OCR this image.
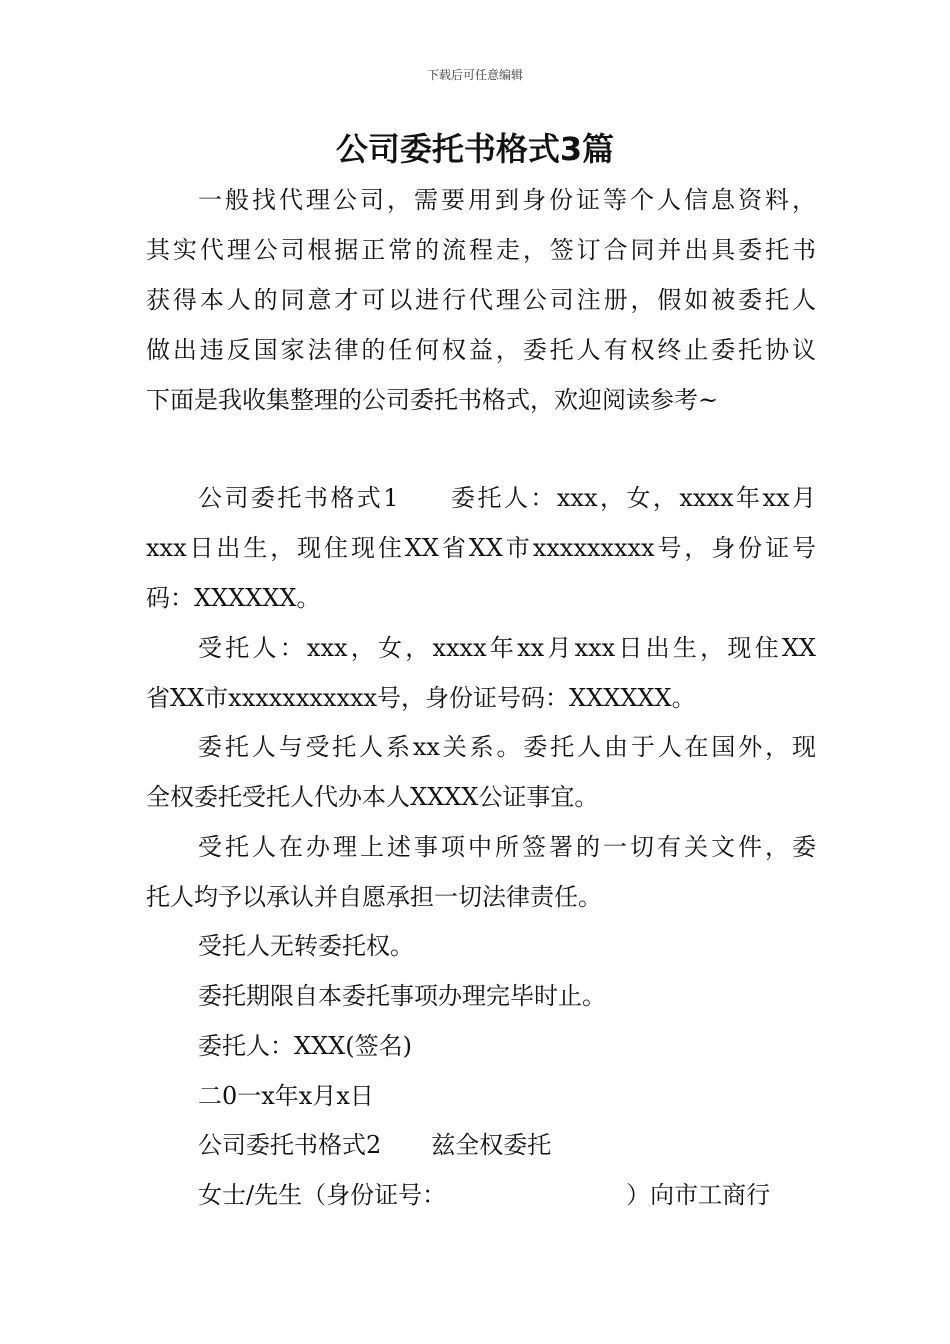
下载后可任意编辑
公司委托书格式3篇
一般找代理公司，需要用到身份证等个人信息资料，
其实代理公司根据正常的流程走，签订合同并出具委托书
获得本人的同意才可以进行代理公司注册，假如被委托人
做出违反国家法律的任何权益，委托人有权终止委托协议
下面是我收集整理的公司委托书格式，欢迎阅读参考~
公司委托书格式1 委托人：xxx，女，xxxx年xx月
xxx日出生，现住现住XX省XX市xxxxxxxxx号，身份证号
码：XXXXXX。
受托人：xxx，女，xxxx年xx月xxx日出生，现住XX
省XX市xxxxxxxxxxx号，身份证号码：XXXXXX。
委托人与受托人系xx关系。委托人由于人在国外，现
全权委托受托人代办本人XXXX公证事宜。
受托人在办理上述事项中所签署的一切有关文件，委
托人均予以承认并自愿承担一切法律责任。
受托人无转委托权。
委托期限自本委托事项办理完毕时止。
委托人：XXX(签名)
二0一x年x月x日
公司委托书格式2 兹全权委托
女士/先生（身份证号：	）向市工商行
